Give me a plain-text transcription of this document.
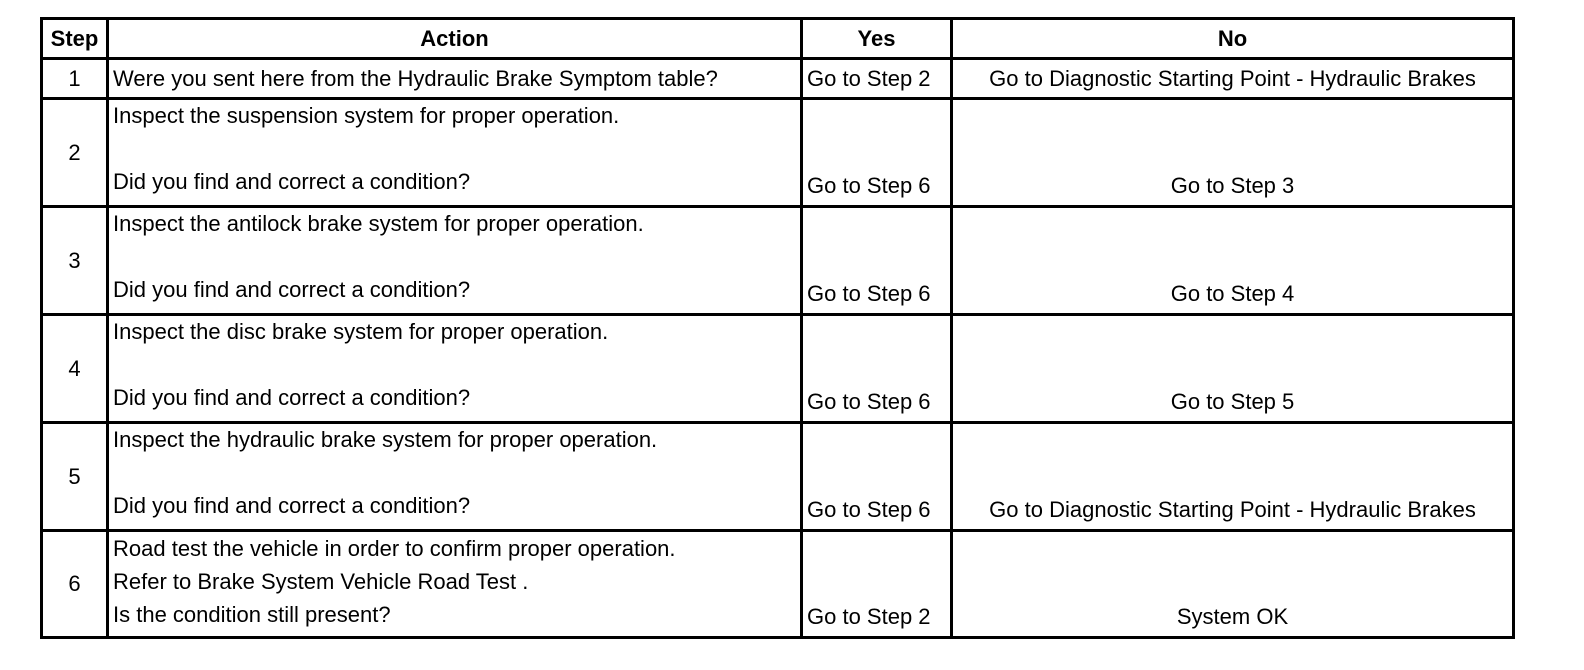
Step	Action	Yes	No
1	Were you sent here from the Hydraulic Brake Symptom table?	Go to Step 2	Go to Diagnostic Starting Point - Hydraulic Brakes
2	Inspect the suspension system for proper operation.
Did you find and correct a condition?	Go to Step 6	Go to Step 3
3	Inspect the antilock brake system for proper operation.
Did you find and correct a condition?	Go to Step 6	Go to Step 4
4	Inspect the disc brake system for proper operation.
Did you find and correct a condition?	Go to Step 6	Go to Step 5
5	Inspect the hydraulic brake system for proper operation.
Did you find and correct a condition?	Go to Step 6	Go to Diagnostic Starting Point - Hydraulic Brakes
6	Road test the vehicle in order to confirm proper operation.
Refer to Brake System Vehicle Road Test .
Is the condition still present?	Go to Step 2	System OK
